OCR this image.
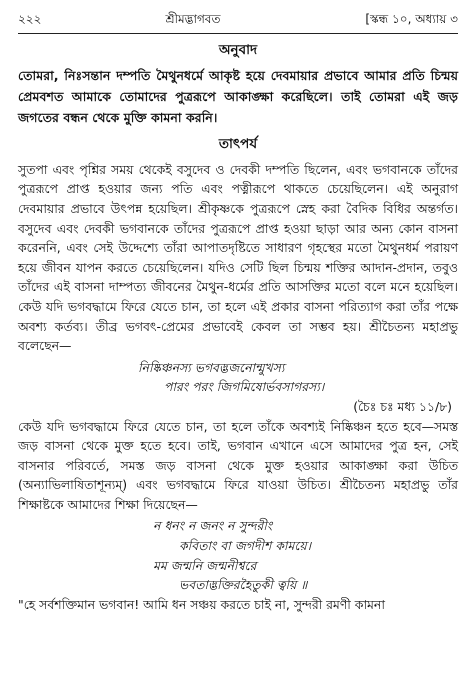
২২২	শ্রীমদ্ভাগবত	[স্কন্ধ ১০, অধ্যায় ৩
অনুবাদ
তোমরা, নিঃসন্তান দম্পতি মৈথুনধর্মে আকৃষ্ট হয়ে দেবমায়ার প্রভাবে আমার প্রতি চিন্ময় প্রেমবশত আমাকে তোমাদের পুত্ররূপে আকাঙ্ক্ষা করেছিলে। তাই তোমরা এই জড় জগতের বন্ধন থেকে মুক্তি কামনা করনি।
তাৎপর্য

সুতপা এবং পৃশ্নির সময় থেকেই বসুদেব ও দেবকী দম্পতি ছিলেন, এবং ভগবানকে তাঁদের পুত্ররূপে প্রাপ্ত হওয়ার জন্য পতি এবং পত্নীরূপে থাকতে চেয়েছিলেন। এই অনুরাগ দেবমায়ার প্রভাবে উৎপন্ন হয়েছিল। শ্রীকৃষ্ণকে পুত্ররূপে স্নেহ করা বৈদিক বিধির অন্তর্গত। বসুদেব এবং দেবকী ভগবানকে তাঁদের পুত্ররূপে প্রাপ্ত হওয়া ছাড়া আর অন্য কোন বাসনা করেননি, এবং সেই উদ্দেশ্যে তাঁরা আপাতদৃষ্টিতে সাধারণ গৃহস্থের মতো মৈথুনধর্ম পরায়ণ হয়ে জীবন যাপন করতে চেয়েছিলেন। যদিও সেটি ছিল চিন্ময় শক্তির আদান-প্রদান, তবুও তাঁদের এই বাসনা দাম্পত্য জীবনের মৈথুন-ধর্মের প্রতি আসক্তির মতো বলে মনে হয়েছিল। কেউ যদি ভগবদ্ধামে ফিরে যেতে চান, তা হলে এই প্রকার বাসনা পরিত্যাগ করা তাঁর পক্ষে অবশ্য কর্তব্য। তীব্র ভগবৎ-প্রেমের প্রভাবেই কেবল তা সম্ভব হয়। শ্রীচৈতন্য মহাপ্রভু বলেছেন—

নিষ্কিঞ্চনস্য ভগবদ্ভজনোন্মুখস্য
পারং পরং জিগমিষোর্ভবসাগরস্য।
(চৈঃ চঃ মধ্য ১১/৮)

কেউ যদি ভগবদ্ধামে ফিরে যেতে চান, তা হলে তাঁকে অবশ্যই নিষ্কিঞ্চন হতে হবে—সমস্ত জড় বাসনা থেকে মুক্ত হতে হবে। তাই, ভগবান এখানে এসে আমাদের পুত্র হন, সেই বাসনার পরিবর্তে, সমস্ত জড় বাসনা থেকে মুক্ত হওয়ার আকাঙ্ক্ষা করা উচিত (অন্যাভিলাষিতাশূন্যম্) এবং ভগবদ্ধামে ফিরে যাওয়া উচিত। শ্রীচৈতন্য মহাপ্রভু তাঁর শিক্ষাষ্টকে আমাদের শিক্ষা দিয়েছেন—

ন ধনং ন জনং ন সুন্দরীং
কবিতাং বা জগদীশ কাময়ে।
মম জন্মনি জন্মনীশ্বরে
ভবতাদ্ভক্তিরহৈতুকী ত্বয়ি ॥

"হে সর্বশক্তিমান ভগবান! আমি ধন সঞ্চয় করতে চাই না, সুন্দরী রমণী কামনা
